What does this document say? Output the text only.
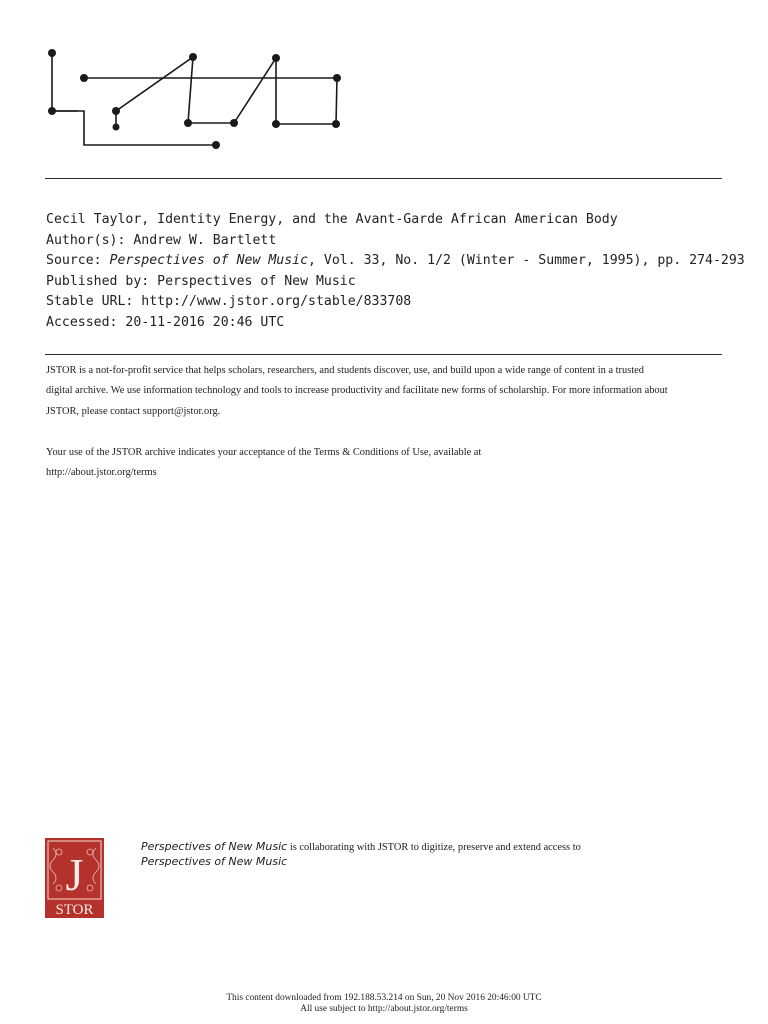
Cecil Taylor, Identity Energy, and the Avant-Garde African American Body
Author(s): Andrew W. Bartlett
Source: Perspectives of New Music, Vol. 33, No. 1/2 (Winter - Summer, 1995), pp. 274-293
Published by: Perspectives of New Music
Stable URL: http://www.jstor.org/stable/833708
Accessed: 20-11-2016 20:46 UTC
JSTOR is a not-for-profit service that helps scholars, researchers, and students discover, use, and build upon a wide range of content in a trusted
digital archive. We use information technology and tools to increase productivity and facilitate new forms of scholarship. For more information about
JSTOR, please contact support@jstor.org.
Your use of the JSTOR archive indicates your acceptance of the Terms & Conditions of Use, available at
http://about.jstor.org/terms
J
STOR
Perspectives of New Music is collaborating with JSTOR to digitize, preserve and extend access to
Perspectives of New Music
This content downloaded from 192.188.53.214 on Sun, 20 Nov 2016 20:46:00 UTC
All use subject to http://about.jstor.org/terms
